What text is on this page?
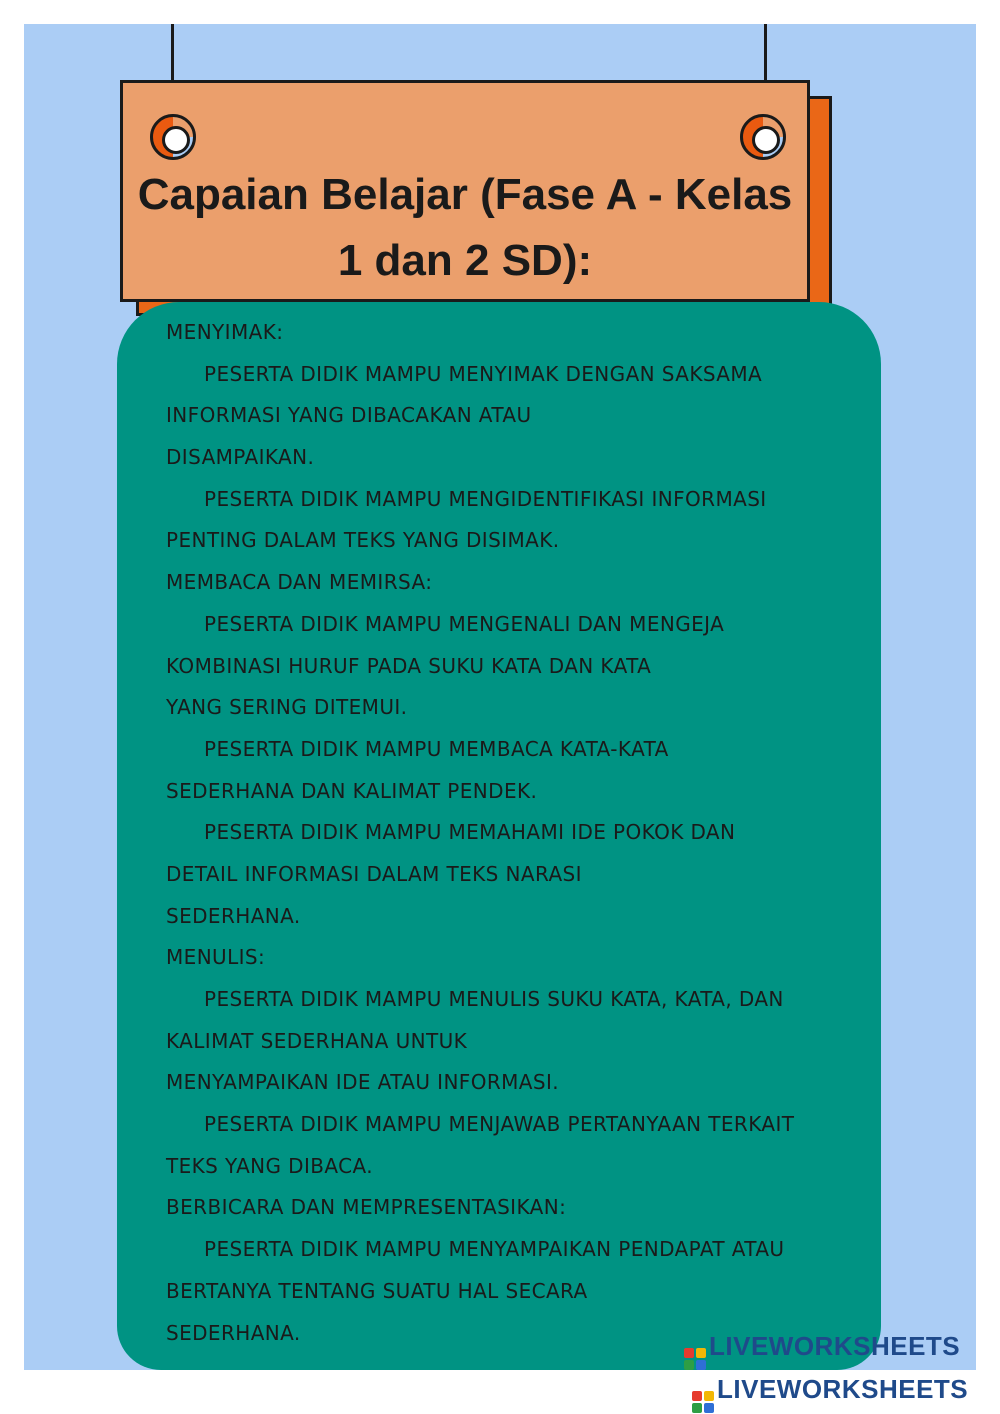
Capaian Belajar (Fase A - Kelas 1 dan 2 SD):
MENYIMAK:
PESERTA DIDIK MAMPU MENYIMAK DENGAN SAKSAMA
INFORMASI YANG DIBACAKAN ATAU
DISAMPAIKAN.
PESERTA DIDIK MAMPU MENGIDENTIFIKASI INFORMASI
PENTING DALAM TEKS YANG DISIMAK.
MEMBACA DAN MEMIRSA:
PESERTA DIDIK MAMPU MENGENALI DAN MENGEJA
KOMBINASI HURUF PADA SUKU KATA DAN KATA
YANG SERING DITEMUI.
PESERTA DIDIK MAMPU MEMBACA KATA-KATA
SEDERHANA DAN KALIMAT PENDEK.
PESERTA DIDIK MAMPU MEMAHAMI IDE POKOK DAN
DETAIL INFORMASI DALAM TEKS NARASI
SEDERHANA.
MENULIS:
PESERTA DIDIK MAMPU MENULIS SUKU KATA, KATA, DAN
KALIMAT SEDERHANA UNTUK
MENYAMPAIKAN IDE ATAU INFORMASI.
PESERTA DIDIK MAMPU MENJAWAB PERTANYAAN TERKAIT
TEKS YANG DIBACA.
BERBICARA DAN MEMPRESENTASIKAN:
PESERTA DIDIK MAMPU MENYAMPAIKAN PENDAPAT ATAU
BERTANYA TENTANG SUATU HAL SECARA
SEDERHANA.	LIVEWORKSHEETS
LIVEWORKSHEETS
